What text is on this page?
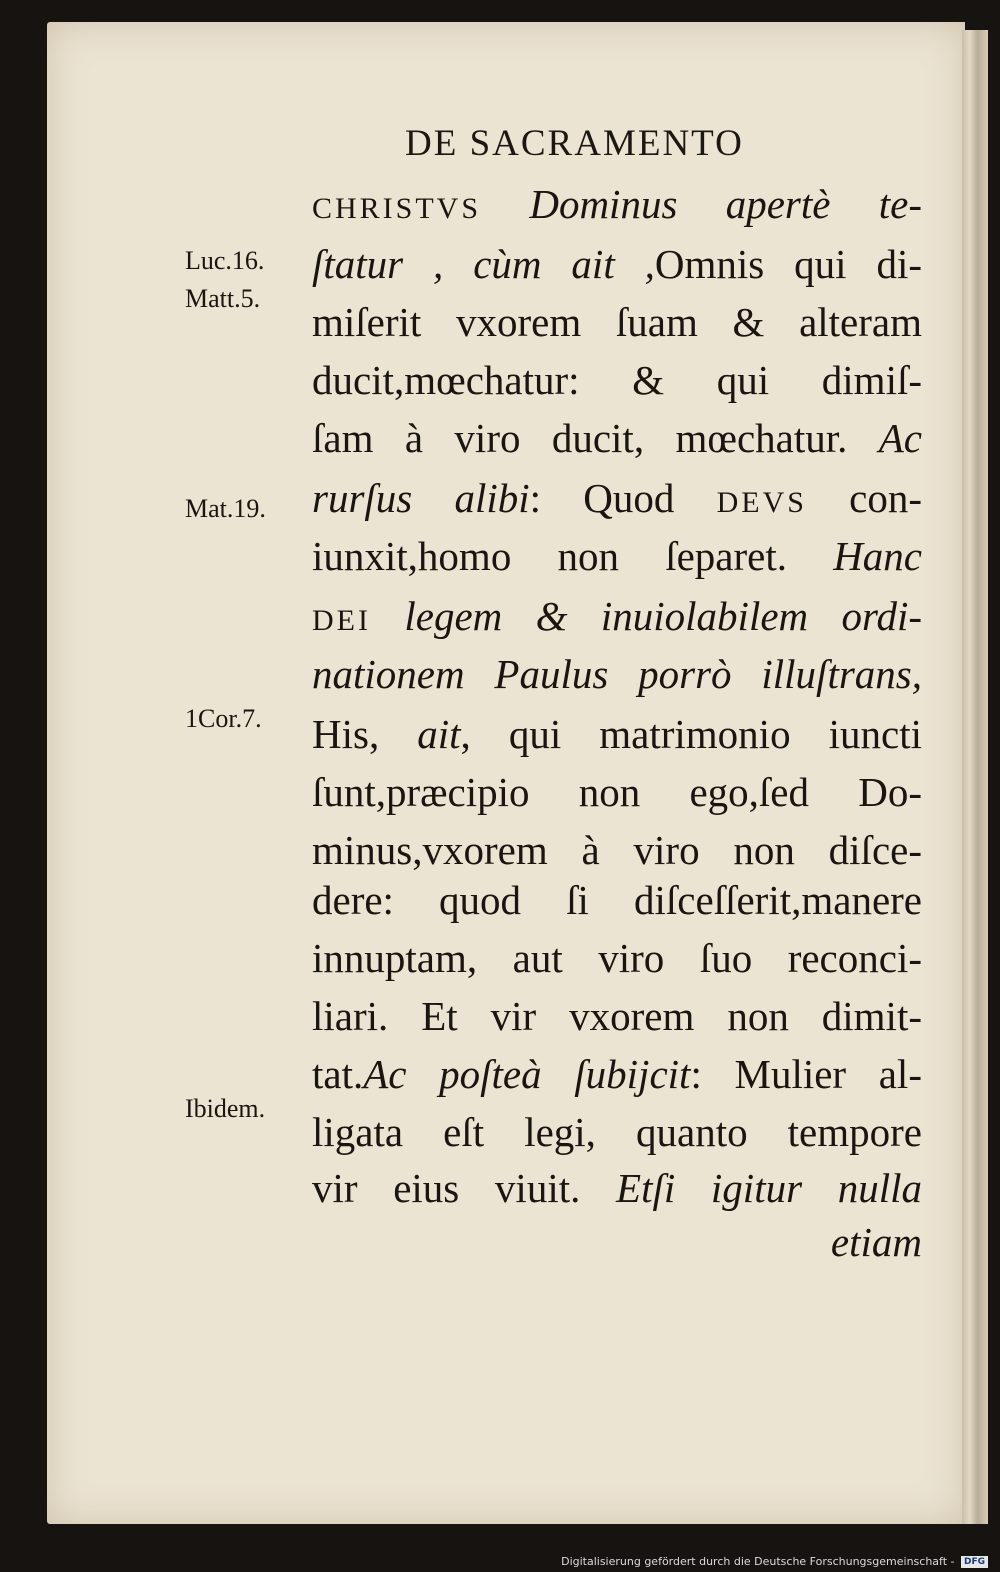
DE SACRAMENTO
CHRISTVS Dominus apertè te-
ſtatur , cùm ait ,Omnis qui di-
miſerit vxorem ſuam & alteram
ducit,mœchatur: & qui dimiſ-
ſam à viro ducit, mœchatur. Ac
rurſus alibi: Quod DEVS con-
iunxit,homo non ſeparet. Hanc
DEI legem & inuiolabilem ordi-
nationem Paulus porrò illuſtrans,
His, ait, qui matrimonio iuncti
ſunt,præcipio non ego,ſed Do-
minus,vxorem à viro non diſce-
dere: quod ſi diſceſſerit,manere
innuptam, aut viro ſuo reconci-
liari. Et vir vxorem non dimit-
tat.Ac poſteà ſubijcit: Mulier al-
ligata eſt legi, quanto tempore
vir eius viuit. Etſi igitur nulla
etiam
Luc.16.
Matt.5.
Mat.19.
1Cor.7.
Ibidem.
Digitalisierung gefördert durch die Deutsche Forschungsgemeinschaft - DFG
